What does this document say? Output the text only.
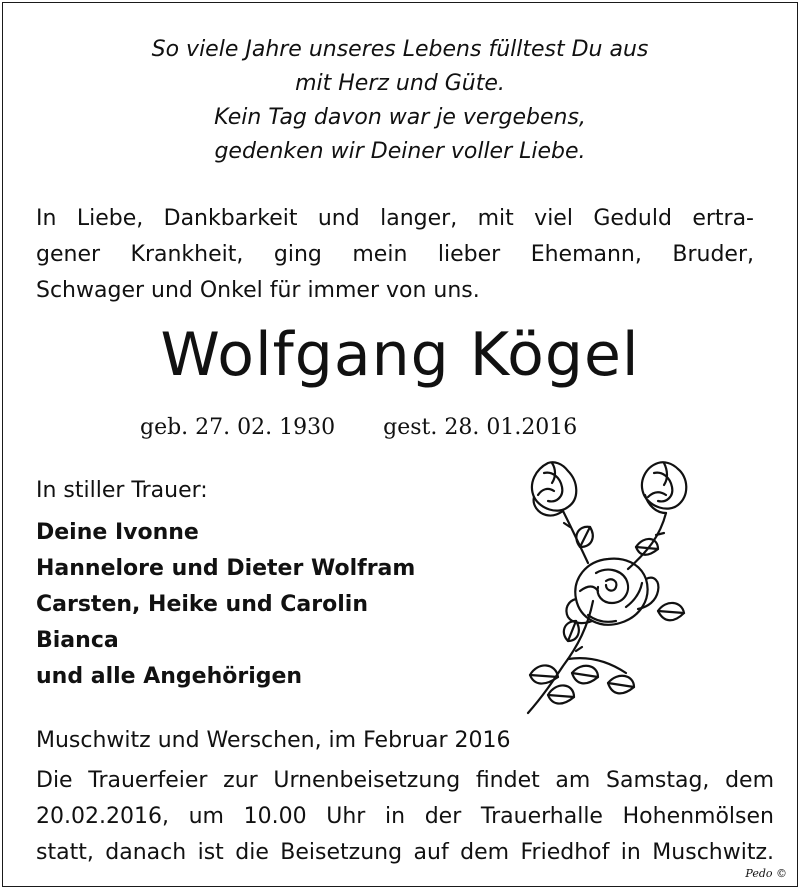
So viele Jahre unseres Lebens fülltest Du aus
mit Herz und Güte.
Kein Tag davon war je vergebens,
gedenken wir Deiner voller Liebe.
In Liebe, Dankbarkeit und langer, mit viel Geduld ertra-
gener Krankheit, ging mein lieber Ehemann, Bruder,
Schwager und Onkel für immer von uns.
Wolfgang Kögel
geb. 27. 02. 1930 gest. 28. 01.2016
In stiller Trauer:
Deine Ivonne
Hannelore und Dieter Wolfram
Carsten, Heike und Carolin
Bianca
und alle Angehörigen
Muschwitz und Werschen, im Februar 2016
Die Trauerfeier zur Urnenbeisetzung findet am Samstag, dem
20.02.2016, um 10.00 Uhr in der Trauerhalle Hohenmölsen
statt, danach ist die Beisetzung auf dem Friedhof in Muschwitz.
Pedo ©
